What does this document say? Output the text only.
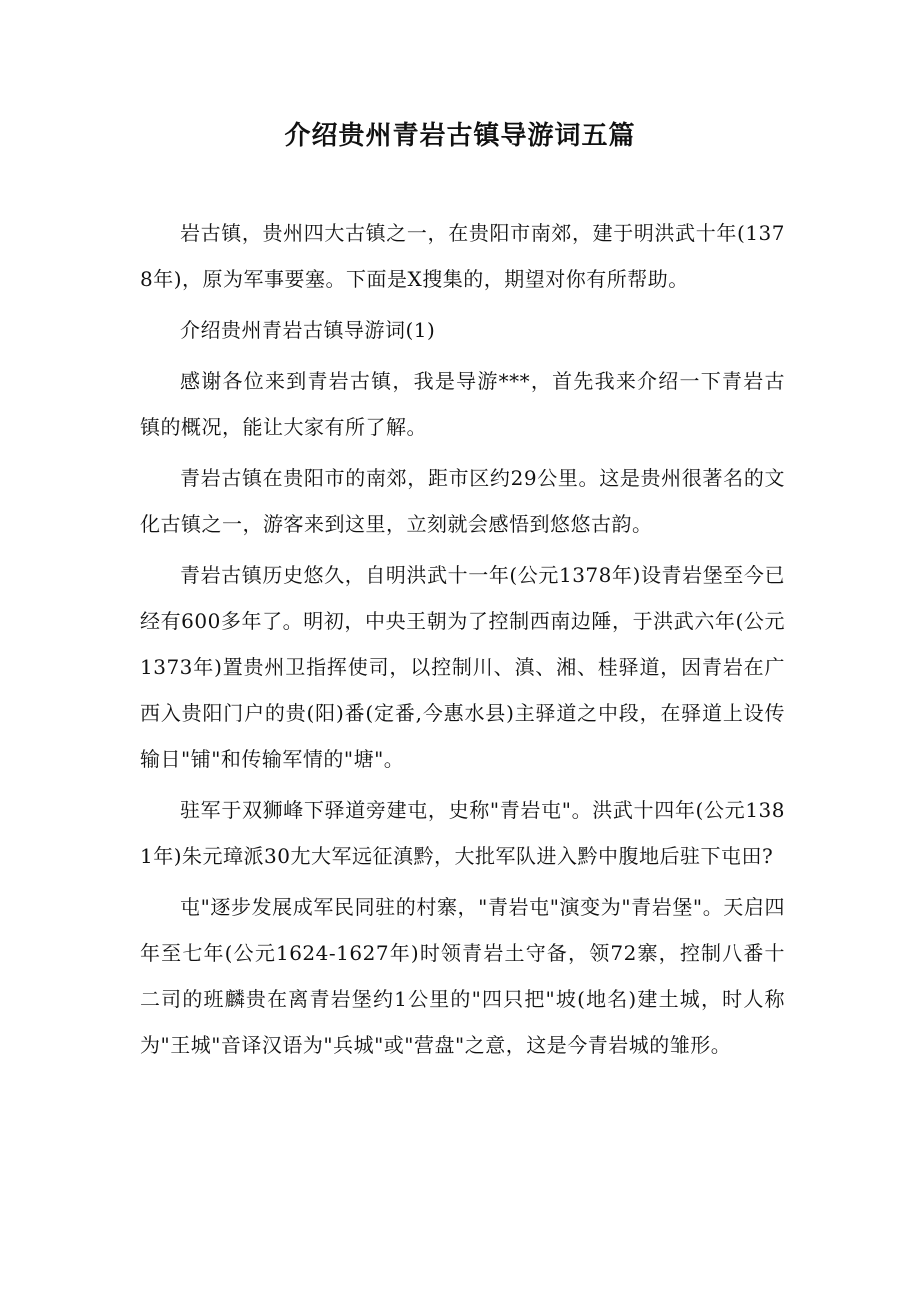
介绍贵州青岩古镇导游词五篇

岩古镇，贵州四大古镇之一，在贵阳市南郊，建于明洪武十年(1378年)，原为军事要塞。下面是X搜集的，期望对你有所帮助。

介绍贵州青岩古镇导游词(1)

感谢各位来到青岩古镇，我是导游***，首先我来介绍一下青岩古镇的概况，能让大家有所了解。

青岩古镇在贵阳市的南郊，距市区约29公里。这是贵州很著名的文化古镇之一，游客来到这里，立刻就会感悟到悠悠古韵。

青岩古镇历史悠久，自明洪武十一年(公元1378年)设青岩堡至今已经有600多年了。明初，中央王朝为了控制西南边陲，于洪武六年(公元1373年)置贵州卫指挥使司，以控制川、滇、湘、桂驿道，因青岩在广西入贵阳门户的贵(阳)番(定番,今惠水县)主驿道之中段，在驿道上设传输日"铺"和传输军情的"塘"。

驻军于双狮峰下驿道旁建屯，史称"青岩屯"。洪武十四年(公元1381年)朱元璋派30尢大军远征滇黔，大批军队进入黔中腹地后驻下屯田?

屯"逐步发展成军民同驻的村寨，"青岩屯"演变为"青岩堡"。天启四年至七年(公元1624-1627年)时领青岩土守备，领72寨，控制八番十二司的班麟贵在离青岩堡约1公里的"四只把"坡(地名)建土城，时人称为"王城"音译汉语为"兵城"或"营盘"之意，这是今青岩城的雏形。
